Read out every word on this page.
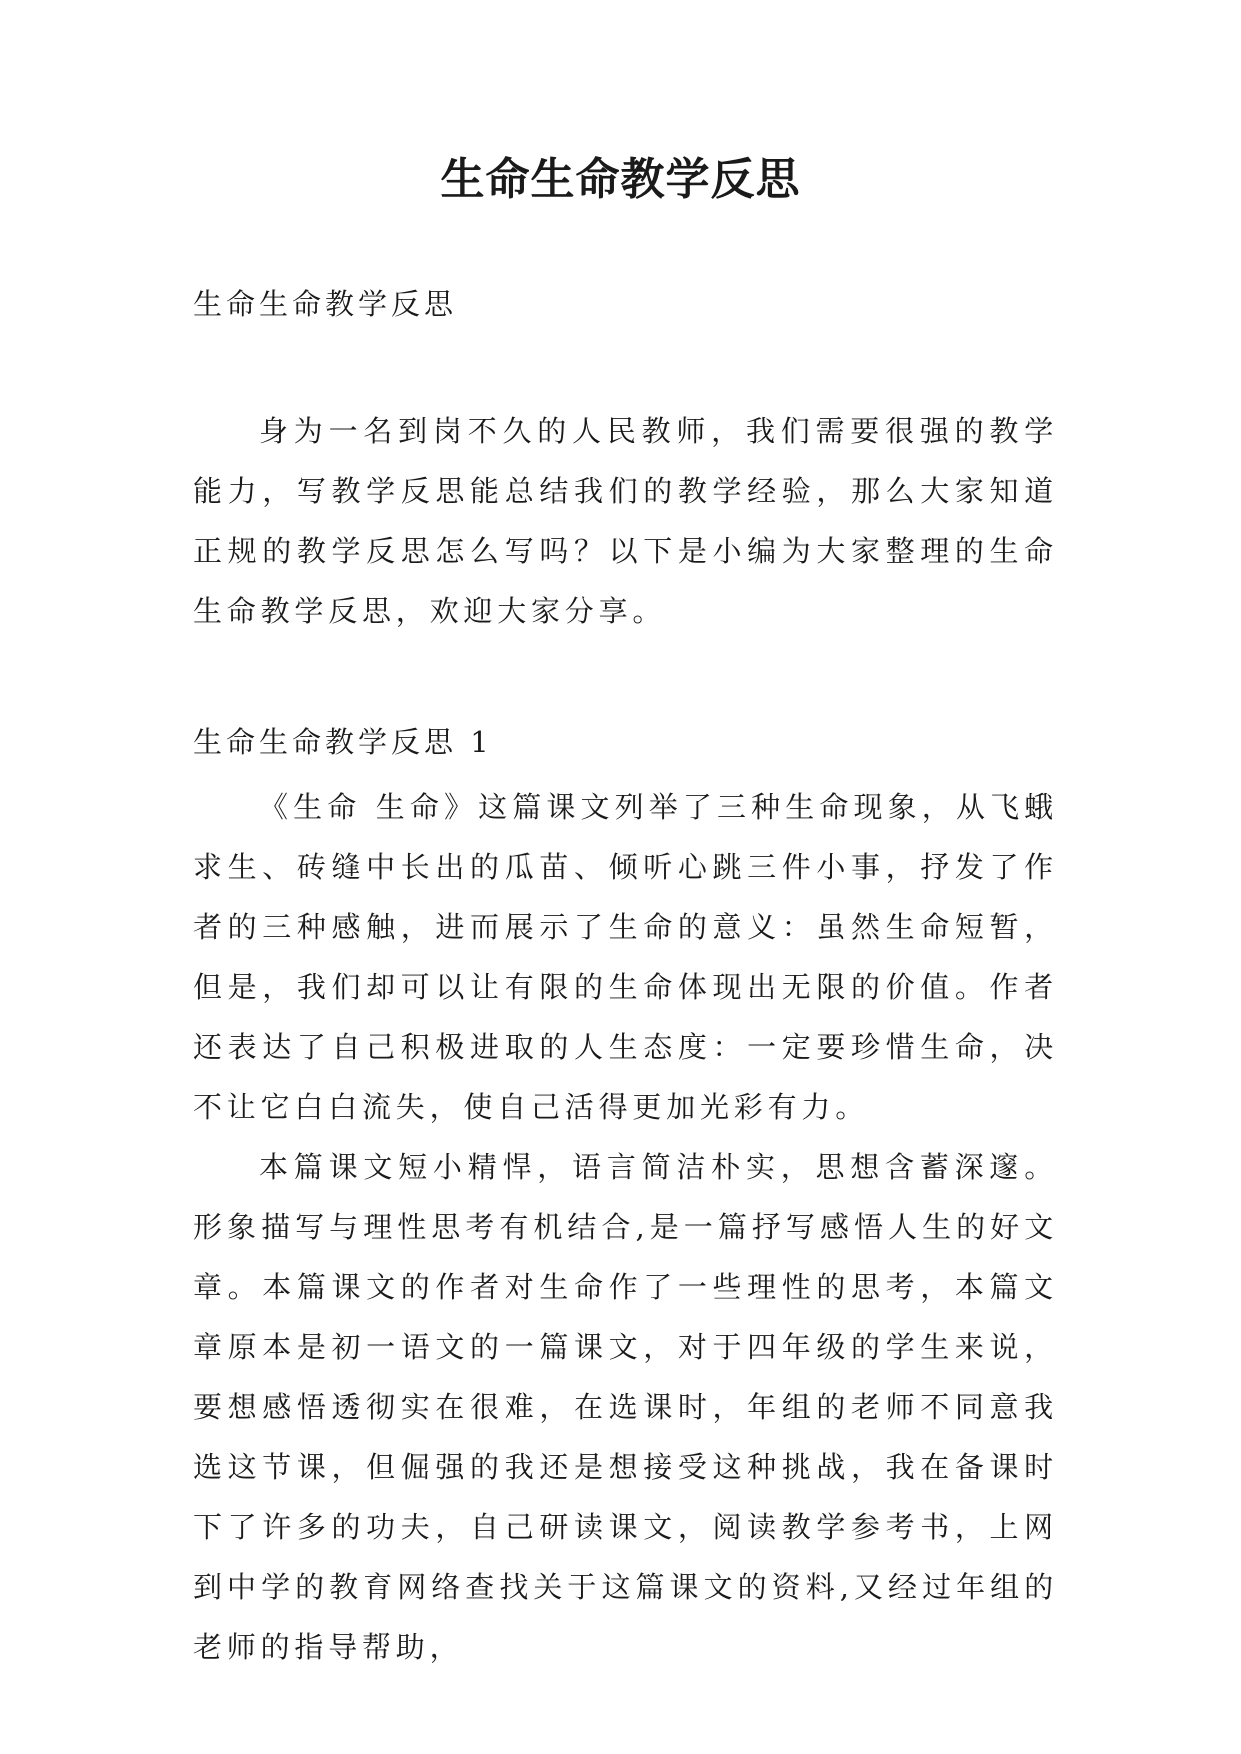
生命生命教学反思

生命生命教学反思

身为一名到岗不久的人民教师，我们需要很强的教学能力，写教学反思能总结我们的教学经验，那么大家知道正规的教学反思怎么写吗？以下是小编为大家整理的生命生命教学反思，欢迎大家分享。

生命生命教学反思 1

《生命 生命》这篇课文列举了三种生命现象，从飞蛾求生、砖缝中长出的瓜苗、倾听心跳三件小事，抒发了作者的三种感触，进而展示了生命的意义：虽然生命短暂，但是，我们却可以让有限的生命体现出无限的价值。作者还表达了自己积极进取的人生态度：一定要珍惜生命，决不让它白白流失，使自己活得更加光彩有力。

本篇课文短小精悍，语言简洁朴实，思想含蓄深邃。形象描写与理性思考有机结合,是一篇抒写感悟人生的好文章。本篇课文的作者对生命作了一些理性的思考，本篇文章原本是初一语文的一篇课文，对于四年级的学生来说，要想感悟透彻实在很难，在选课时，年组的老师不同意我选这节课，但倔强的我还是想接受这种挑战，我在备课时下了许多的功夫，自己研读课文，阅读教学参考书，上网到中学的教育网络查找关于这篇课文的资料,又经过年组的老师的指导帮助，
